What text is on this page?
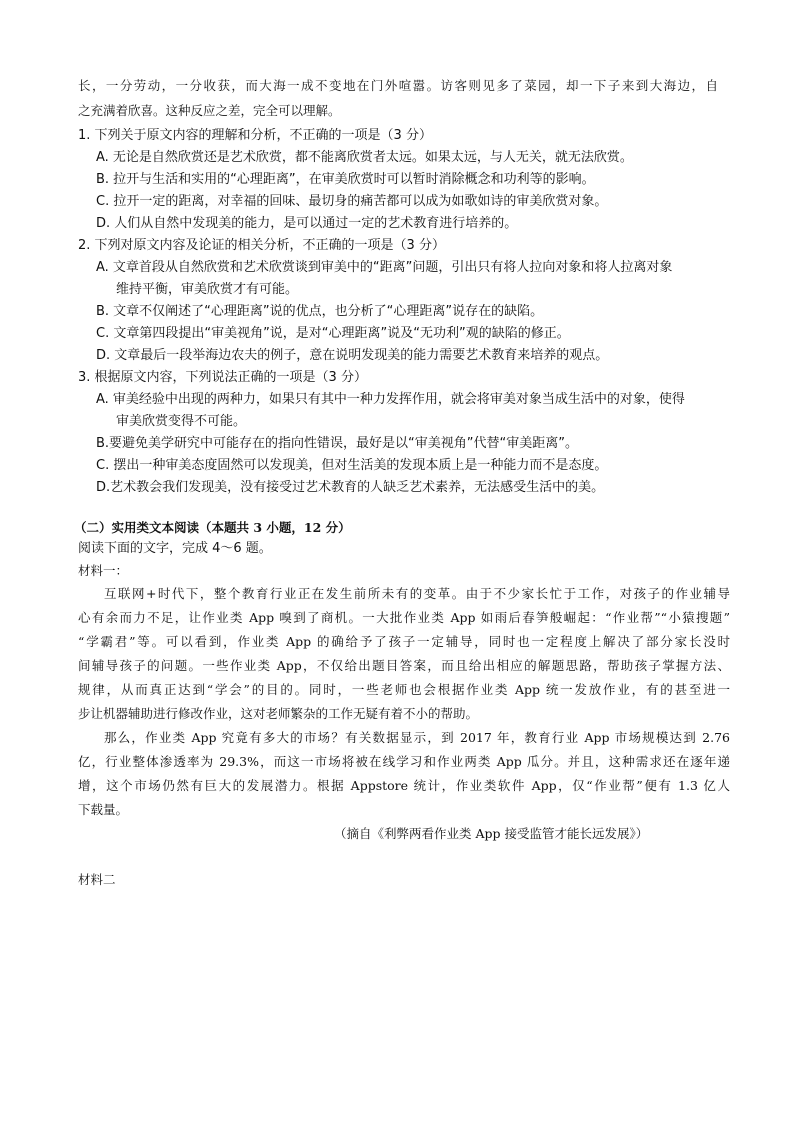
长，一分劳动，一分收获，而大海一成不变地在门外喧嚣。访客则见多了菜园，却一下子来到大海边，自
之充满着欣喜。这种反应之差，完全可以理解。
1. 下列关于原文内容的理解和分析，不正确的一项是（3 分）
A. 无论是自然欣赏还是艺术欣赏，都不能离欣赏者太远。如果太远，与人无关，就无法欣赏。
B. 拉开与生活和实用的“心理距离”，在审美欣赏时可以暂时消除概念和功利等的影响。
C. 拉开一定的距离，对幸福的回味、最切身的痛苦都可以成为如歌如诗的审美欣赏对象。
D. 人们从自然中发现美的能力，是可以通过一定的艺术教育进行培养的。
2. 下列对原文内容及论证的相关分析，不正确的一项是（3 分）
A. 文章首段从自然欣赏和艺术欣赏谈到审美中的“距离”问题，引出只有将人拉向对象和将人拉离对象
维持平衡，审美欣赏才有可能。
B. 文章不仅阐述了“心理距离”说的优点，也分析了“心理距离”说存在的缺陷。
C. 文章第四段提出“审美视角”说，是对“心理距离”说及“无功利”观的缺陷的修正。
D. 文章最后一段举海边农夫的例子，意在说明发现美的能力需要艺术教育来培养的观点。
3. 根据原文内容，下列说法正确的一项是（3 分）
A. 审美经验中出现的两种力，如果只有其中一种力发挥作用，就会将审美对象当成生活中的对象，使得
审美欣赏变得不可能。
B.要避免美学研究中可能存在的指向性错误，最好是以“审美视角”代替“审美距离”。
C. 摆出一种审美态度固然可以发现美，但对生活美的发现本质上是一种能力而不是态度。
D.艺术教会我们发现美，没有接受过艺术教育的人缺乏艺术素养，无法感受生活中的美。
（二）实用类文本阅读（本题共 3 小题，12 分）
阅读下面的文字，完成 4～6 题。
材料一：
互联网+时代下，整个教育行业正在发生前所未有的变革。由于不少家长忙于工作，对孩子的作业辅导
心有余而力不足，让作业类 App 嗅到了商机。一大批作业类 App 如雨后春笋般崛起：“作业帮”“小猿搜题”
“学霸君”等。可以看到，作业类 App 的确给予了孩子一定辅导，同时也一定程度上解决了部分家长没时
间辅导孩子的问题。一些作业类 App，不仅给出题目答案，而且给出相应的解题思路，帮助孩子掌握方法、
规律，从而真正达到“学会”的目的。同时，一些老师也会根据作业类 App 统一发放作业，有的甚至进一
步让机器辅助进行修改作业，这对老师繁杂的工作无疑有着不小的帮助。
那么，作业类 App 究竟有多大的市场？有关数据显示，到 2017 年，教育行业 App 市场规模达到 2.76
亿，行业整体渗透率为 29.3%，而这一市场将被在线学习和作业两类 App 瓜分。并且，这种需求还在逐年递
增，这个市场仍然有巨大的发展潜力。根据 Appstore 统计，作业类软件 App，仅“作业帮”便有 1.3 亿人
下载量。
（摘自《利弊两看作业类 App 接受监管才能长远发展》）
材料二
